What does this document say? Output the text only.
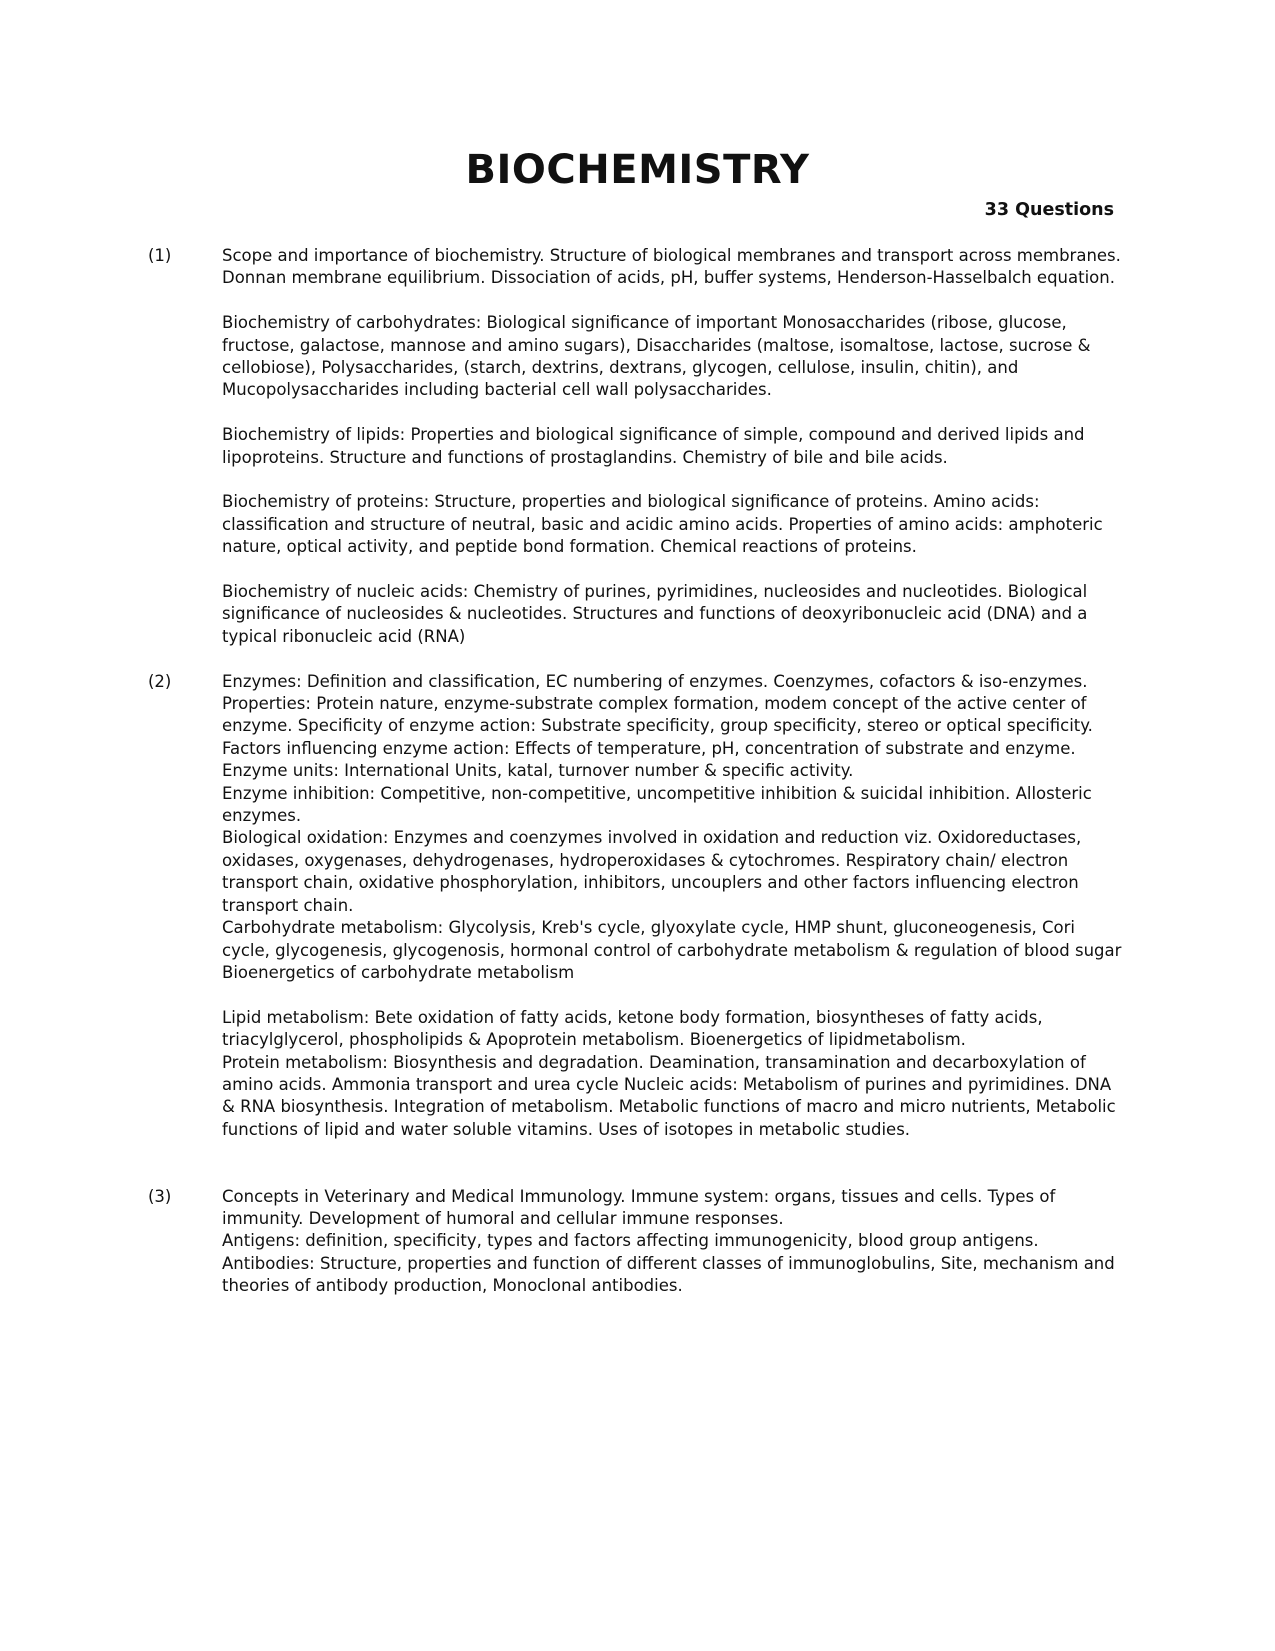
BIOCHEMISTRY
33 Questions
(1)	Scope and importance of biochemistry. Structure of biological membranes and transport across membranes. Donnan membrane equilibrium. Dissociation of acids, pH, buffer systems, Henderson-Hasselbalch equation.

Biochemistry of carbohydrates: Biological significance of important Monosaccharides (ribose, glucose, fructose, galactose, mannose and amino sugars), Disaccharides (maltose, isomaltose, lactose, sucrose & cellobiose), Polysaccharides, (starch, dextrins, dextrans, glycogen, cellulose, insulin, chitin), and Mucopolysaccharides including bacterial cell wall polysaccharides.

Biochemistry of lipids: Properties and biological significance of simple, compound and derived lipids and lipoproteins. Structure and functions of prostaglandins. Chemistry of bile and bile acids.

Biochemistry of proteins: Structure, properties and biological significance of proteins. Amino acids: classification and structure of neutral, basic and acidic amino acids. Properties of amino acids: amphoteric nature, optical activity, and peptide bond formation. Chemical reactions of proteins.

Biochemistry of nucleic acids: Chemistry of purines, pyrimidines, nucleosides and nucleotides. Biological significance of nucleosides & nucleotides. Structures and functions of deoxyribonucleic acid (DNA) and a typical ribonucleic acid (RNA)

(2)	Enzymes: Definition and classification, EC numbering of enzymes. Coenzymes, cofactors & iso-enzymes. Properties: Protein nature, enzyme-substrate complex formation, modem concept of the active center of enzyme. Specificity of enzyme action: Substrate specificity, group specificity, stereo or optical specificity. Factors influencing enzyme action: Effects of temperature, pH, concentration of substrate and enzyme.

Enzyme units: International Units, katal, turnover number & specific activity.

Enzyme inhibition: Competitive, non-competitive, uncompetitive inhibition & suicidal inhibition. Allosteric enzymes.

Biological oxidation: Enzymes and coenzymes involved in oxidation and reduction viz. Oxidoreductases, oxidases, oxygenases, dehydrogenases, hydroperoxidases & cytochromes. Respiratory chain/ electron transport chain, oxidative phosphorylation, inhibitors, uncouplers and other factors influencing electron transport chain.

Carbohydrate metabolism: Glycolysis, Kreb's cycle, glyoxylate cycle, HMP shunt, gluconeogenesis, Cori cycle, glycogenesis, glycogenosis, hormonal control of carbohydrate metabolism & regulation of blood sugar Bioenergetics of carbohydrate metabolism

Lipid metabolism: Bete oxidation of fatty acids, ketone body formation, biosyntheses of fatty acids, triacylglycerol, phospholipids & Apoprotein metabolism. Bioenergetics of lipidmetabolism.

Protein metabolism: Biosynthesis and degradation. Deamination, transamination and decarboxylation of amino acids. Ammonia transport and urea cycle Nucleic acids: Metabolism of purines and pyrimidines. DNA & RNA biosynthesis. Integration of metabolism. Metabolic functions of macro and micro nutrients, Metabolic functions of lipid and water soluble vitamins. Uses of isotopes in metabolic studies.

(3)	Concepts in Veterinary and Medical Immunology. Immune system: organs, tissues and cells. Types of immunity. Development of humoral and cellular immune responses.

Antigens: definition, specificity, types and factors affecting immunogenicity, blood group antigens. Antibodies: Structure, properties and function of different classes of immunoglobulins, Site, mechanism and theories of antibody production, Monoclonal antibodies.
